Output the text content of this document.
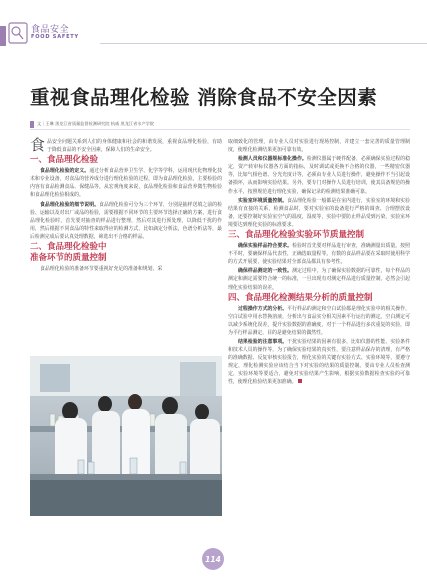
食品安全
FOOD SAFETY
重视食品理化检验 消除食品不安全因素
文｜王琳 黑龙江省质量监督检测研究院 杭威 黑龙江省水产学院

食品安全问题关系到人们的身体健康和社会的和谐发展，重视食品理化检验，有助于降低食品的不安全因素，保障人们的生命安全。

一、食品理化检验

食品理化检验的定义。通过分析食品营养卫生学、化学等学科，运用现代化物理化技术和专业设备，对食品的营养成分进行理化检验的过程，即为食品理化检验。主要检验的内容有食品检测食品、保健品等。从宏观角度来说，食品理化检验和食品营养微生物检验和食品理化检验相成的。

食品理化检验的细节说明。食品理化检验可分为三个环节，分别是抽样送填之前的检验、运输以及对出厂或品的检验，需要根据不同环节的主要环节选择正确的方案，进行食品理化检验时，首先要对抽查的样品进行整理，然后对其进行预处理，以降低干扰的作用，然后根据不同食品的特性来取得应的检测方式，比如滴定分析法，色谱分析法等，最后检测完成后要认真处理数据，筛选出不合格的样品。

二、食品理化检验中

准备环节的质量控制

食品理化检验的准备环节要重视好充足的准备和规划，采

取细致化的管理，由专业人员对实验进行现场控制，并建立一套完善的质量管理制度，使理化检测结果更加可靠有效。

检测人员和仪器规标准化操作。检测仪器属于硬件配备，必须确保实验过程的稳定，资产转审标仪器各方面的指标，及时调试或更换不合格的仪器，一些精密仪器等，比如气相色谱、分光光度计等，必须由专业人员进行操作，避免操作不当引起设备损坏，从而影响实验结果。另外，要专门对操作人员进行培训，使其具备规范的操作水平，按照规范进行理化实验，确保记录的检测结果准确可靠。

实验室环境质量控制。食品理化检验一般都是在室内进行，实验室的环境和实验结果有直接的关系，检测食品时，要对实验室的设备进行严格的调查、合理摆放设备，还要控制好实验室空气的温度，湿度等，实验中要防止样品受到污染，实验室环境要达到理化实验的标准要求。

三、食品理化检验实验环节质量控制

确保实验样品符合要求。检验时首先要对样品进行审查，准确测量出质量。按照不平时，要确保样品代表性，正确选取量程等。有数的食品样品要在采取时使用科学的方式开展要，使实验结果对全部食品都具有参考性。

确保样品测定的一致性。测定过程中，为了确保实验数据的可靠性，每个样品的测定和测定需要符合统一的标准，一旦出现有对测定样品进行质量控制，必然会引起理化实验结果的误差。

四、食品理化检测结果分析的质量控制

过程操作方式的分析。平行样品的测定和空白试验都是理化实验中的相关操作，空白试验中用水替换溶液，分析出与食品实分相关因素平行运行的测定。空白测定可以减少系统化误差，提升实验数据的准确度，对于一个样品进行多次重复的实验，即为平行样品测定，目的是避免结果的偶然性。

结果检验的注意事项。干扰实验结果的因素有很多，比如仪器的性能、实验条件和技术人员的操作等，为了确保实验结果的真实性，要注意样品保存的清理，有严格的准确数据、反复审核实验报告，理化实验的关键有实验方式、实验环境等，要遵守规定，理化检测实验应该结合当下对实验的结果的质量控制。要由专业人员检查测定，实验环境等要适合，避免对实验结果产生影响，根据实验数据检查实验的可靠性，使理化检验结果更加准确。

114
